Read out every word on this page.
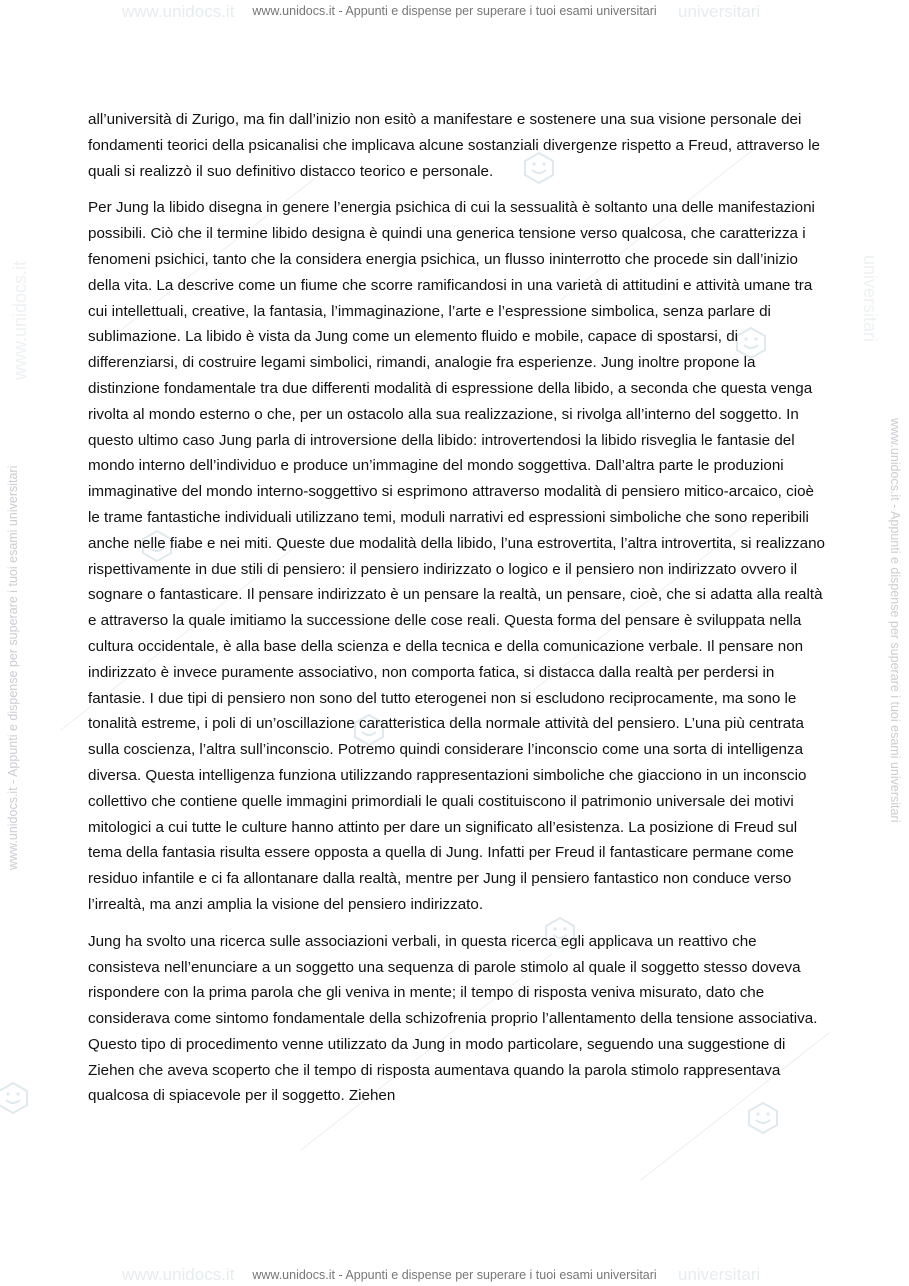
www.unidocs.it	universitari
www.unidocs.it - Appunti e dispense per superare i tuoi esami universitari
www.unidocs.it
www.unidocs.it - Appunti e dispense per superare i tuoi esami universitari	www.unidocs.it - Appunti e dispense per superare i tuoi esami universitari
universitari

all’università di Zurigo, ma fin dall’inizio non esitò a manifestare e sostenere una sua visione personale dei fondamenti teorici della psicanalisi che implicava alcune sostanziali divergenze rispetto a Freud, attraverso le quali si realizzò il suo definitivo distacco teorico e personale.

Per Jung la libido disegna in genere l’energia psichica di cui la sessualità è soltanto una delle manifestazioni possibili. Ciò che il termine libido designa è quindi una generica tensione verso qualcosa, che caratterizza i fenomeni psichici, tanto che la considera energia psichica, un flusso ininterrotto che procede sin dall’inizio della vita. La descrive come un fiume che scorre ramificandosi in una varietà di attitudini e attività umane tra cui intellettuali, creative, la fantasia, l’immaginazione, l’arte e l’espressione simbolica, senza parlare di sublimazione. La libido è vista da Jung come un elemento fluido e mobile, capace di spostarsi, di differenziarsi, di costruire legami simbolici, rimandi, analogie fra esperienze. Jung inoltre propone la distinzione fondamentale tra due differenti modalità di espressione della libido, a seconda che questa venga rivolta al mondo esterno o che, per un ostacolo alla sua realizzazione, si rivolga all’interno del soggetto. In questo ultimo caso Jung parla di introversione della libido: introvertendosi la libido risveglia le fantasie del mondo interno dell’individuo e produce un’immagine del mondo soggettiva. Dall’altra parte le produzioni immaginative del mondo interno-soggettivo si esprimono attraverso modalità di pensiero mitico-arcaico, cioè le trame fantastiche individuali utilizzano temi, moduli narrativi ed espressioni simboliche che sono reperibili anche nelle fiabe e nei miti. Queste due modalità della libido, l’una estrovertita, l’altra introvertita, si realizzano rispettivamente in due stili di pensiero: il pensiero indirizzato o logico e il pensiero non indirizzato ovvero il sognare o fantasticare. Il pensare indirizzato è un pensare la realtà, un pensare, cioè, che si adatta alla realtà e attraverso la quale imitiamo la successione delle cose reali. Questa forma del pensare è sviluppata nella cultura occidentale, è alla base della scienza e della tecnica e della comunicazione verbale. Il pensare non indirizzato è invece puramente associativo, non comporta fatica, si distacca dalla realtà per perdersi in fantasie. I due tipi di pensiero non sono del tutto eterogenei non si escludono reciprocamente, ma sono le tonalità estreme, i poli di un’oscillazione caratteristica della normale attività del pensiero. L’una più centrata sulla coscienza, l’altra sull’inconscio. Potremo quindi considerare l’inconscio come una sorta di intelligenza diversa. Questa intelligenza funziona utilizzando rappresentazioni simboliche che giacciono in un inconscio collettivo che contiene quelle immagini primordiali le quali costituiscono il patrimonio universale dei motivi mitologici a cui tutte le culture hanno attinto per dare un significato all’esistenza. La posizione di Freud sul tema della fantasia risulta essere opposta a quella di Jung. Infatti per Freud il fantasticare permane come residuo infantile e ci fa allontanare dalla realtà, mentre per Jung il pensiero fantastico non conduce verso l’irrealtà, ma anzi amplia la visione del pensiero indirizzato.

Jung ha svolto una ricerca sulle associazioni verbali, in questa ricerca egli applicava un reattivo che consisteva nell’enunciare a un soggetto una sequenza di parole stimolo al quale il soggetto stesso doveva rispondere con la prima parola che gli veniva in mente; il tempo di risposta veniva misurato, dato che considerava come sintomo fondamentale della schizofrenia proprio l’allentamento della tensione associativa. Questo tipo di procedimento venne utilizzato da Jung in modo particolare, seguendo una suggestione di Ziehen che aveva scoperto che il tempo di risposta aumentava quando la parola stimolo rappresentava qualcosa di spiacevole per il soggetto. Ziehen

www.unidocs.it	universitari
www.unidocs.it - Appunti e dispense per superare i tuoi esami universitari
